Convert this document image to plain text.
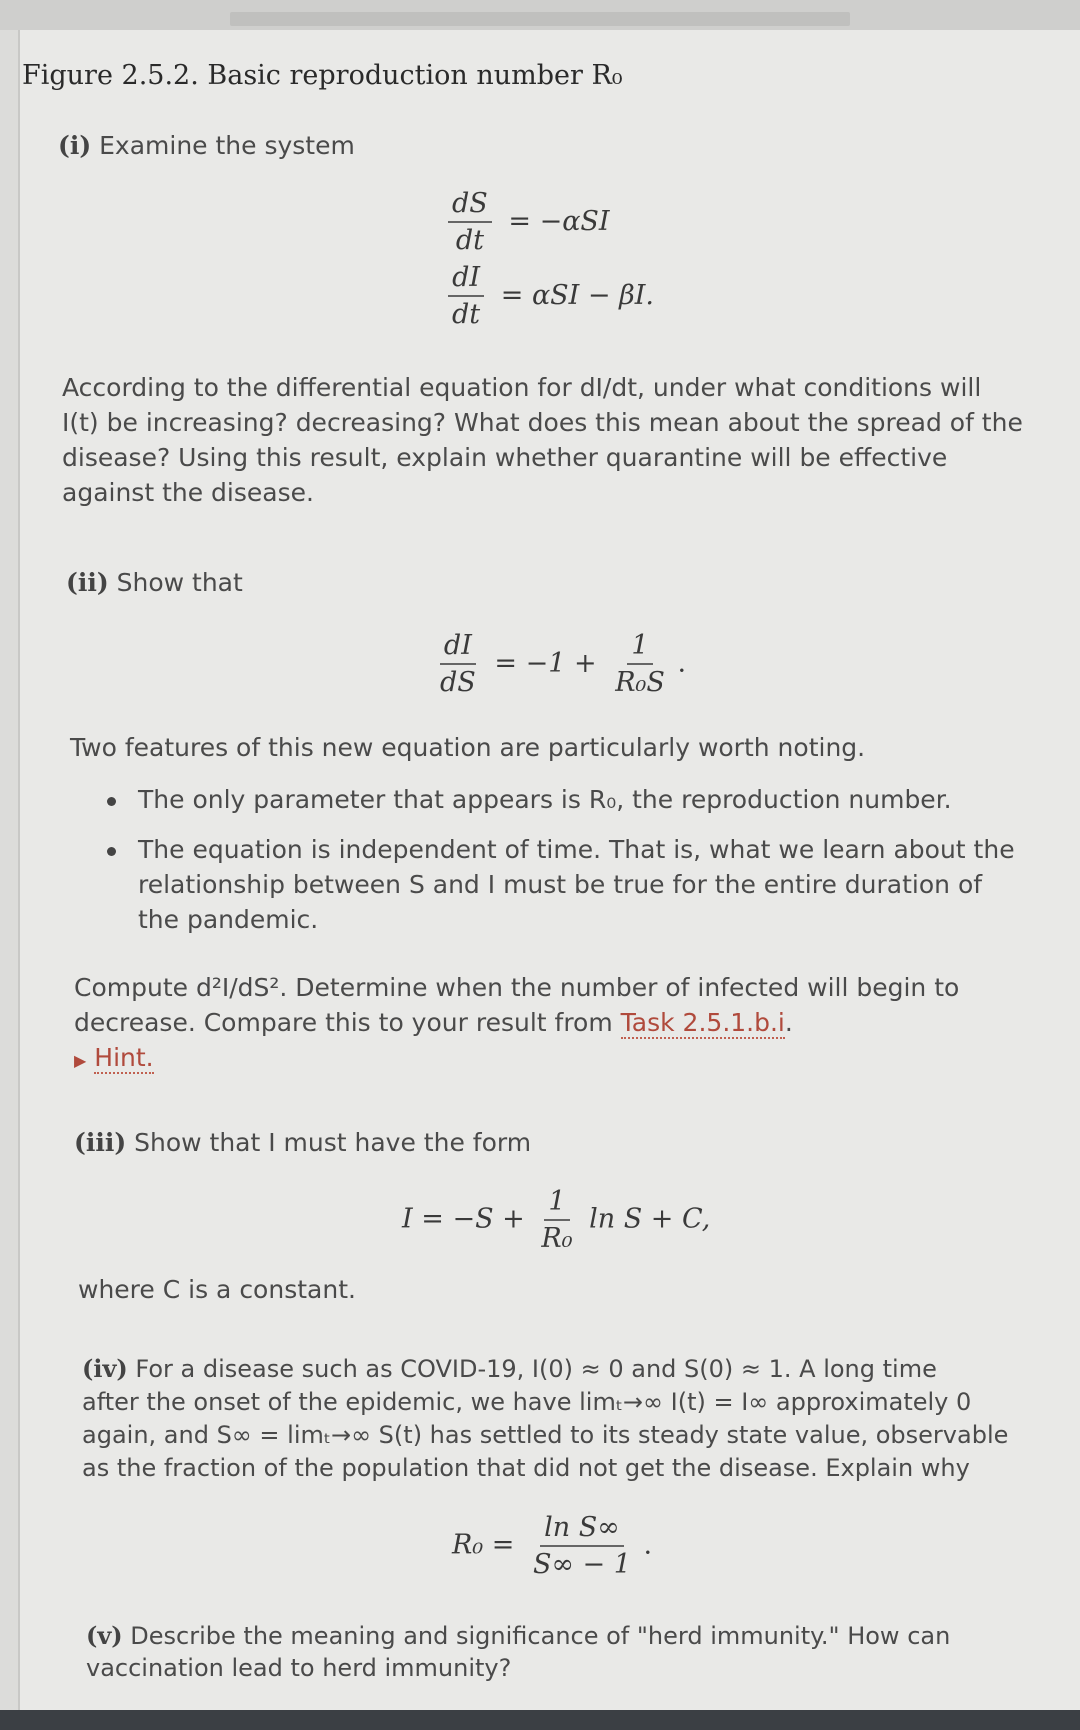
Figure 2.5.2. Basic reproduction number R₀
(i) Examine the system
$\frac{dS}{dt} = -\alpha SI$
$\frac{dI}{dt} = \alpha SI - \beta I$.
According to the differential equation for dI/dt, under what conditions will
I(t) be increasing? decreasing? What does this mean about the spread of the
disease? Using this result, explain whether quarantine will be effective
against the disease.
(ii) Show that
$\frac{dI}{dS} = -1 + \frac{1}{\text{R₀S}}$ .
Two features of this new equation are particularly worth noting.
The only parameter that appears is R₀, the reproduction number.
The equation is independent of time. That is, what we learn about the
relationship between S and I must be true for the entire duration of
the pandemic.
Compute d²I/dS². Determine when the number of infected will begin to
decrease. Compare this to your result from Task 2.5.1.b.i.
▶ Hint.
(iii) Show that I must have the form
$I = -S + \frac{1}{\text{R₀}}$ ln S + C,
where C is a constant.
(iv) For a disease such as COVID-19, I(0) ≈ 0 and S(0) ≈ 1. A long time
after the onset of the epidemic, we have limₜ→∞ I(t) = I∞ approximately 0
again, and S∞ = limₜ→∞ S(t) has settled to its steady state value, observable
as the fraction of the population that did not get the disease. Explain why
$R_0 = \frac{\text{ln S∞}}{S\infty - 1}$ .
(v) Describe the meaning and significance of "herd immunity." How can
vaccination lead to herd immunity?
